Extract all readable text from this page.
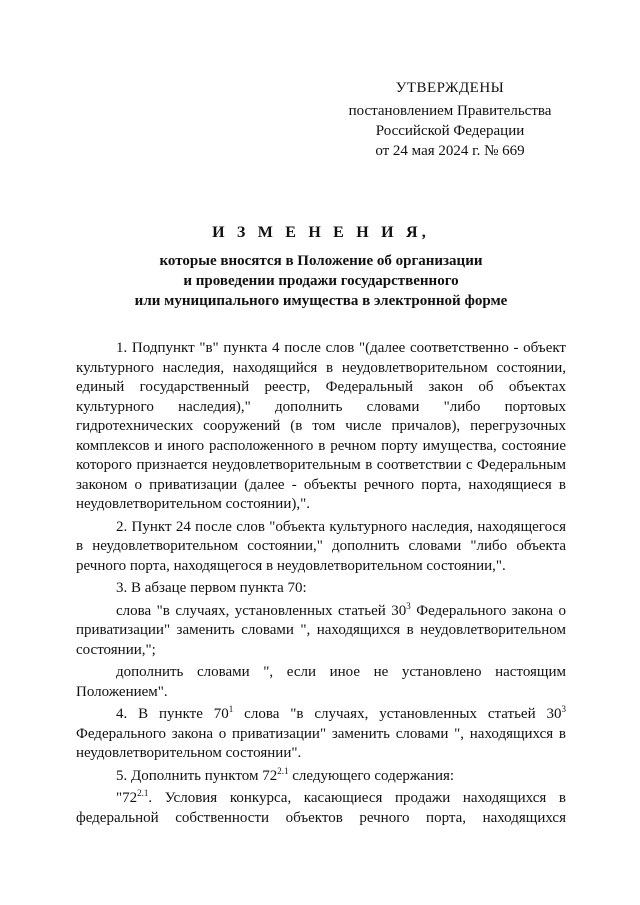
УТВЕРЖДЕНЫ
постановлением Правительства
Российской Федерации
от 24 мая 2024 г. № 669
И З М Е Н Е Н И Я,
которые вносятся в Положение об организации
и проведении продажи государственного
или муниципального имущества в электронной форме

1. Подпункт "в" пункта 4 после слов "(далее соответственно - объект культурного наследия, находящийся в неудовлетворительном состоянии, единый государственный реестр, Федеральный закон об объектах культурного наследия)," дополнить словами "либо портовых гидротехнических сооружений (в том числе причалов), перегрузочных комплексов и иного расположенного в речном порту имущества, состояние которого признается неудовлетворительным в соответствии с Федеральным законом о приватизации (далее - объекты речного порта, находящиеся в неудовлетворительном состоянии),".

2. Пункт 24 после слов "объекта культурного наследия, находящегося в неудовлетворительном состоянии," дополнить словами "либо объекта речного порта, находящегося в неудовлетворительном состоянии,".

3. В абзаце первом пункта 70:

слова "в случаях, установленных статьей $30^3$ Федерального закона о приватизации" заменить словами ", находящихся в неудовлетворительном состоянии,";

дополнить словами ", если иное не установлено настоящим Положением".

4. В пункте $70^1$ слова "в случаях, установленных статьей $30^3$ Федерального закона о приватизации" заменить словами ", находящихся в неудовлетворительном состоянии".

5. Дополнить пунктом $72^{2.1}$ следующего содержания:

"$72^{2.1}$. Условия конкурса, касающиеся продажи находящихся в федеральной собственности объектов речного порта, находящихся
